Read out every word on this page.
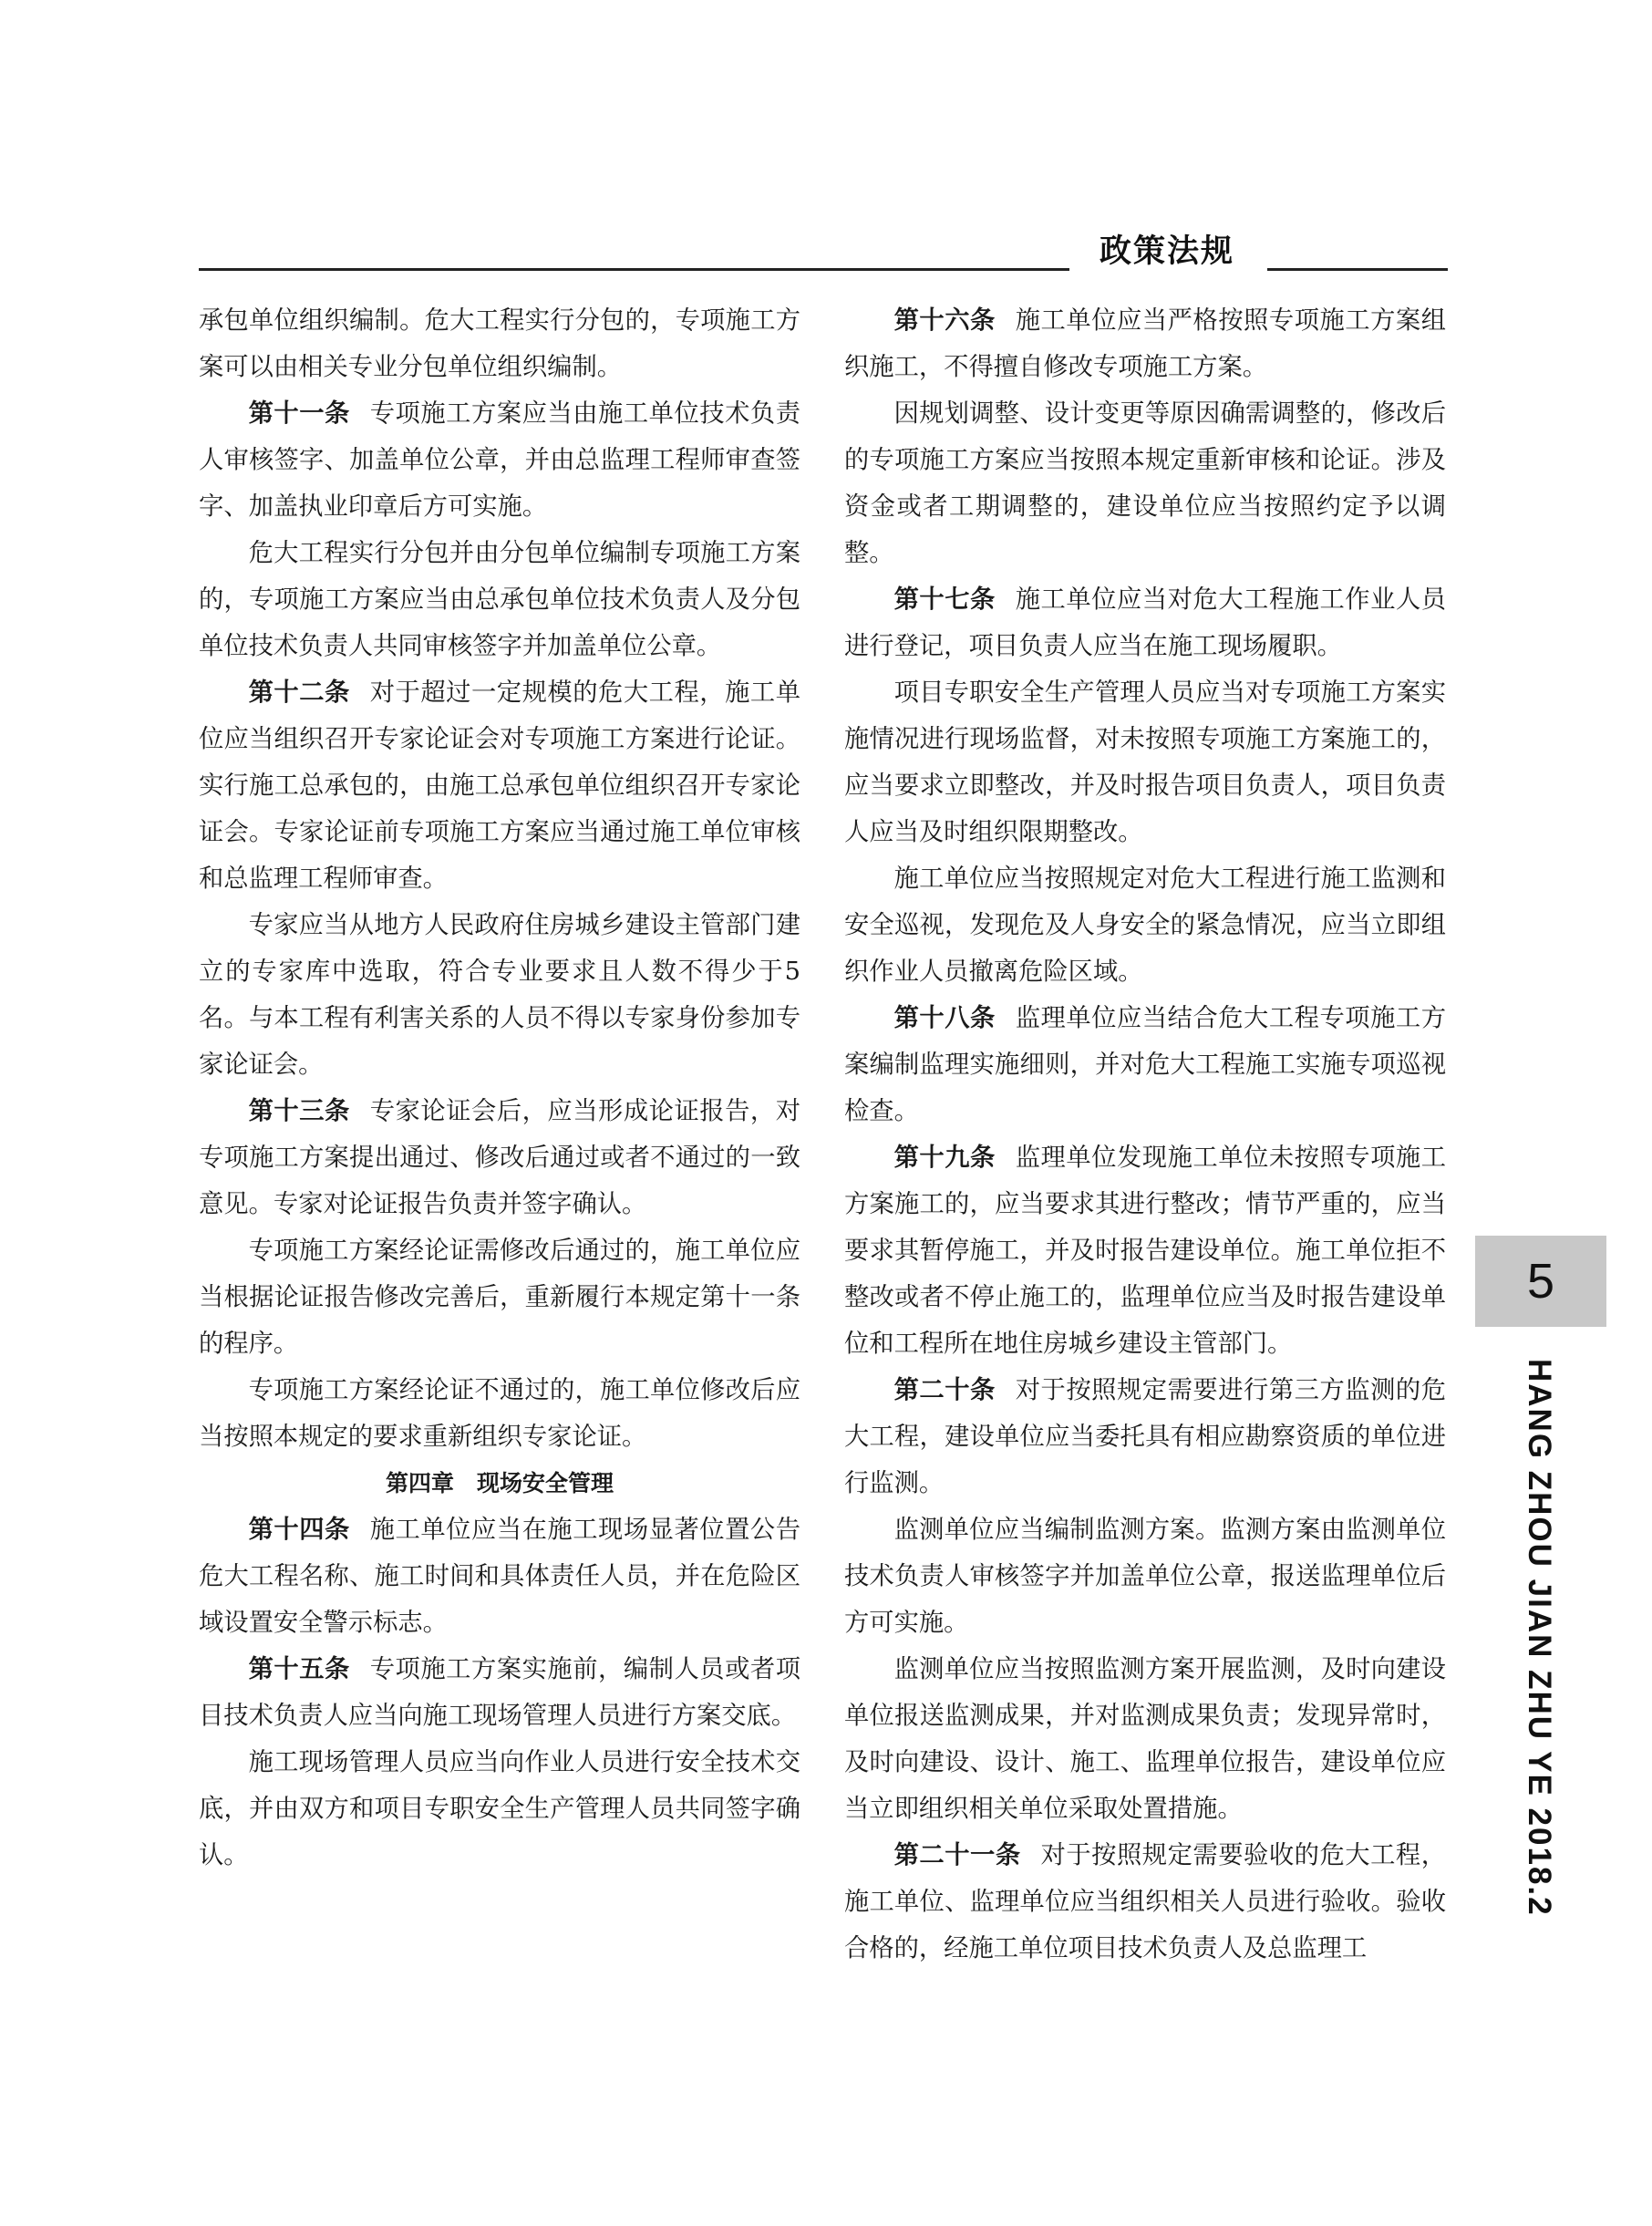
政策法规

承包单位组织编制。危大工程实行分包的，专项施工方案可以由相关专业分包单位组织编制。

第十一条 专项施工方案应当由施工单位技术负责人审核签字、加盖单位公章，并由总监理工程师审查签字、加盖执业印章后方可实施。

危大工程实行分包并由分包单位编制专项施工方案的，专项施工方案应当由总承包单位技术负责人及分包单位技术负责人共同审核签字并加盖单位公章。

第十二条 对于超过一定规模的危大工程，施工单位应当组织召开专家论证会对专项施工方案进行论证。实行施工总承包的，由施工总承包单位组织召开专家论证会。专家论证前专项施工方案应当通过施工单位审核和总监理工程师审查。

专家应当从地方人民政府住房城乡建设主管部门建立的专家库中选取，符合专业要求且人数不得少于5名。与本工程有利害关系的人员不得以专家身份参加专家论证会。

第十三条 专家论证会后，应当形成论证报告，对专项施工方案提出通过、修改后通过或者不通过的一致意见。专家对论证报告负责并签字确认。

专项施工方案经论证需修改后通过的，施工单位应当根据论证报告修改完善后，重新履行本规定第十一条的程序。

专项施工方案经论证不通过的，施工单位修改后应当按照本规定的要求重新组织专家论证。

第四章　现场安全管理

第十四条 施工单位应当在施工现场显著位置公告危大工程名称、施工时间和具体责任人员，并在危险区域设置安全警示标志。

第十五条 专项施工方案实施前，编制人员或者项目技术负责人应当向施工现场管理人员进行方案交底。

施工现场管理人员应当向作业人员进行安全技术交底，并由双方和项目专职安全生产管理人员共同签字确认。

第十六条 施工单位应当严格按照专项施工方案组织施工，不得擅自修改专项施工方案。

因规划调整、设计变更等原因确需调整的，修改后的专项施工方案应当按照本规定重新审核和论证。涉及资金或者工期调整的，建设单位应当按照约定予以调整。

第十七条 施工单位应当对危大工程施工作业人员进行登记，项目负责人应当在施工现场履职。

项目专职安全生产管理人员应当对专项施工方案实施情况进行现场监督，对未按照专项施工方案施工的，应当要求立即整改，并及时报告项目负责人，项目负责人应当及时组织限期整改。

施工单位应当按照规定对危大工程进行施工监测和安全巡视，发现危及人身安全的紧急情况，应当立即组织作业人员撤离危险区域。

第十八条 监理单位应当结合危大工程专项施工方案编制监理实施细则，并对危大工程施工实施专项巡视检查。

第十九条 监理单位发现施工单位未按照专项施工方案施工的，应当要求其进行整改；情节严重的，应当要求其暂停施工，并及时报告建设单位。施工单位拒不整改或者不停止施工的，监理单位应当及时报告建设单位和工程所在地住房城乡建设主管部门。

第二十条 对于按照规定需要进行第三方监测的危大工程，建设单位应当委托具有相应勘察资质的单位进行监测。

监测单位应当编制监测方案。监测方案由监测单位技术负责人审核签字并加盖单位公章，报送监理单位后方可实施。

监测单位应当按照监测方案开展监测，及时向建设单位报送监测成果，并对监测成果负责；发现异常时，及时向建设、设计、施工、监理单位报告，建设单位应当立即组织相关单位采取处置措施。

第二十一条 对于按照规定需要验收的危大工程，施工单位、监理单位应当组织相关人员进行验收。验收合格的，经施工单位项目技术负责人及总监理工

5
HANG ZHOU JIAN ZHU YE 2018.2
